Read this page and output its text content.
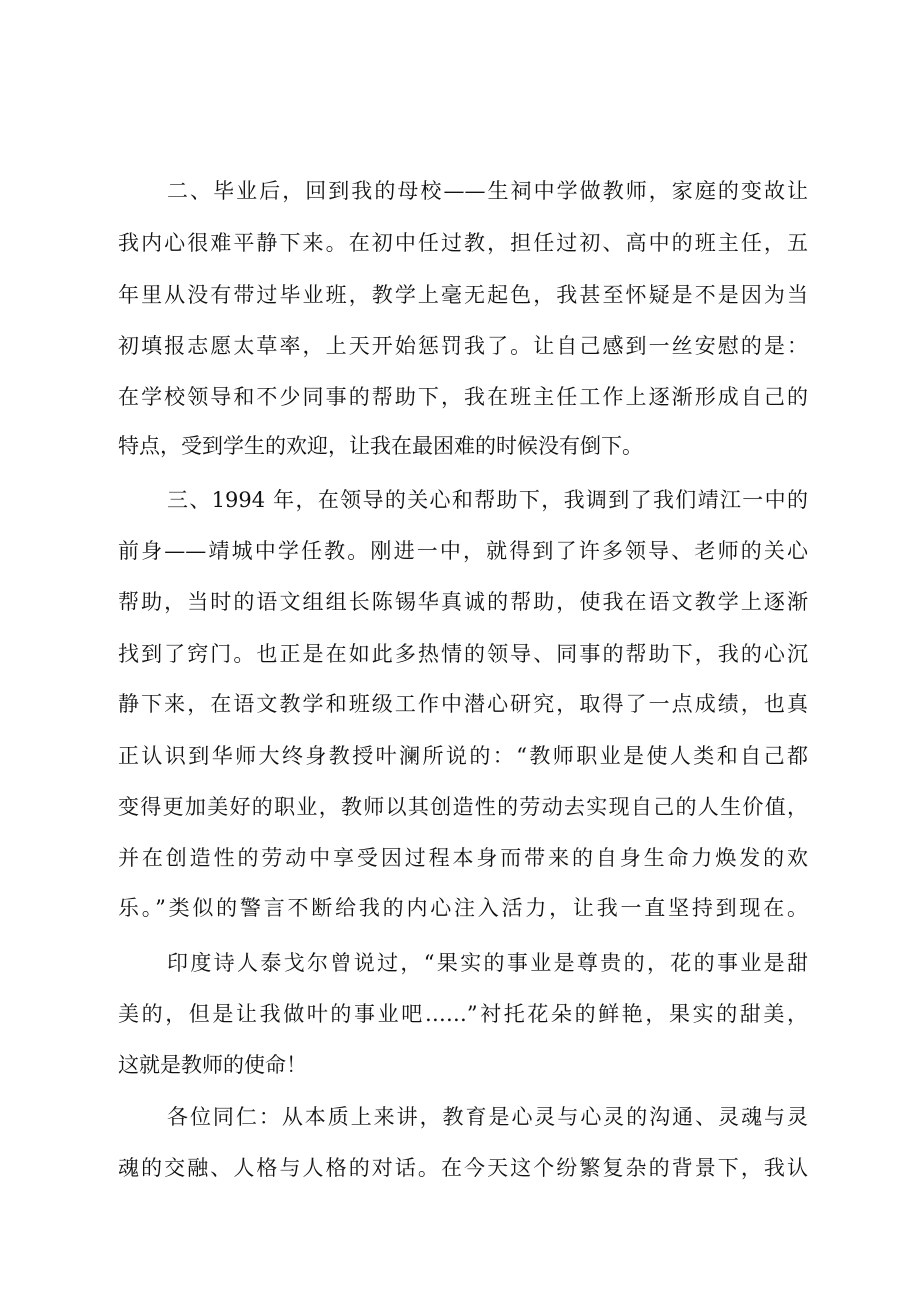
二、毕业后，回到我的母校——生祠中学做教师，家庭的变故让

我内心很难平静下来。在初中任过教，担任过初、高中的班主任，五

年里从没有带过毕业班，教学上毫无起色，我甚至怀疑是不是因为当

初填报志愿太草率，上天开始惩罚我了。让自己感到一丝安慰的是：

在学校领导和不少同事的帮助下，我在班主任工作上逐渐形成自己的

特点，受到学生的欢迎，让我在最困难的时候没有倒下。

三、1994 年，在领导的关心和帮助下，我调到了我们靖江一中的

前身——靖城中学任教。刚进一中，就得到了许多领导、老师的关心

帮助，当时的语文组组长陈锡华真诚的帮助，使我在语文教学上逐渐

找到了窍门。也正是在如此多热情的领导、同事的帮助下，我的心沉

静下来，在语文教学和班级工作中潜心研究，取得了一点成绩，也真

正认识到华师大终身教授叶澜所说的：“教师职业是使人类和自己都

变得更加美好的职业，教师以其创造性的劳动去实现自己的人生价值，

并在创造性的劳动中享受因过程本身而带来的自身生命力焕发的欢

乐。”类似的警言不断给我的内心注入活力，让我一直坚持到现在。

印度诗人泰戈尔曾说过，“果实的事业是尊贵的，花的事业是甜

美的，但是让我做叶的事业吧……”衬托花朵的鲜艳，果实的甜美，

这就是教师的使命！

各位同仁：从本质上来讲，教育是心灵与心灵的沟通、灵魂与灵

魂的交融、人格与人格的对话。在今天这个纷繁复杂的背景下，我认
